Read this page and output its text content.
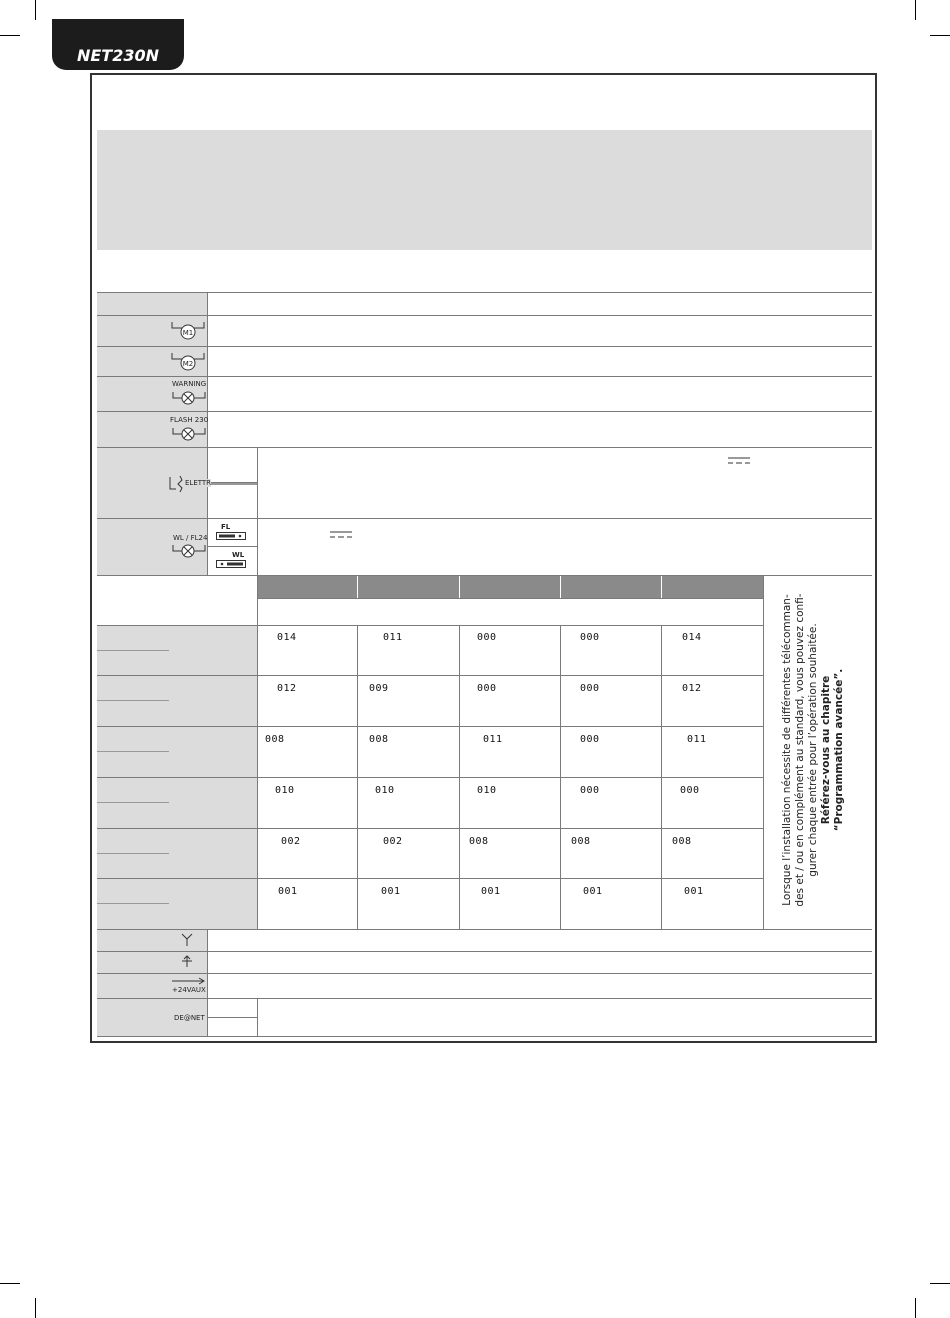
NET230N
M1
M2
WARNING
FLASH 230
ELETTR
WL / FL24
FL
WL
014	011	000	000	014
012	009	000	000	012
008	008	011	000	011
010	010	010	000	000
002	002	008	008	008
001	001	001	001	001	Lorsque l’installation nécessite de différentes télécomman- des et / ou en complément au standard, vous pouvez confi- gurer chaque entrée pour l’opération souhaitée. Référez-vous au chapitre “Programmation avancée”.
+24VAUX
DE@NET
